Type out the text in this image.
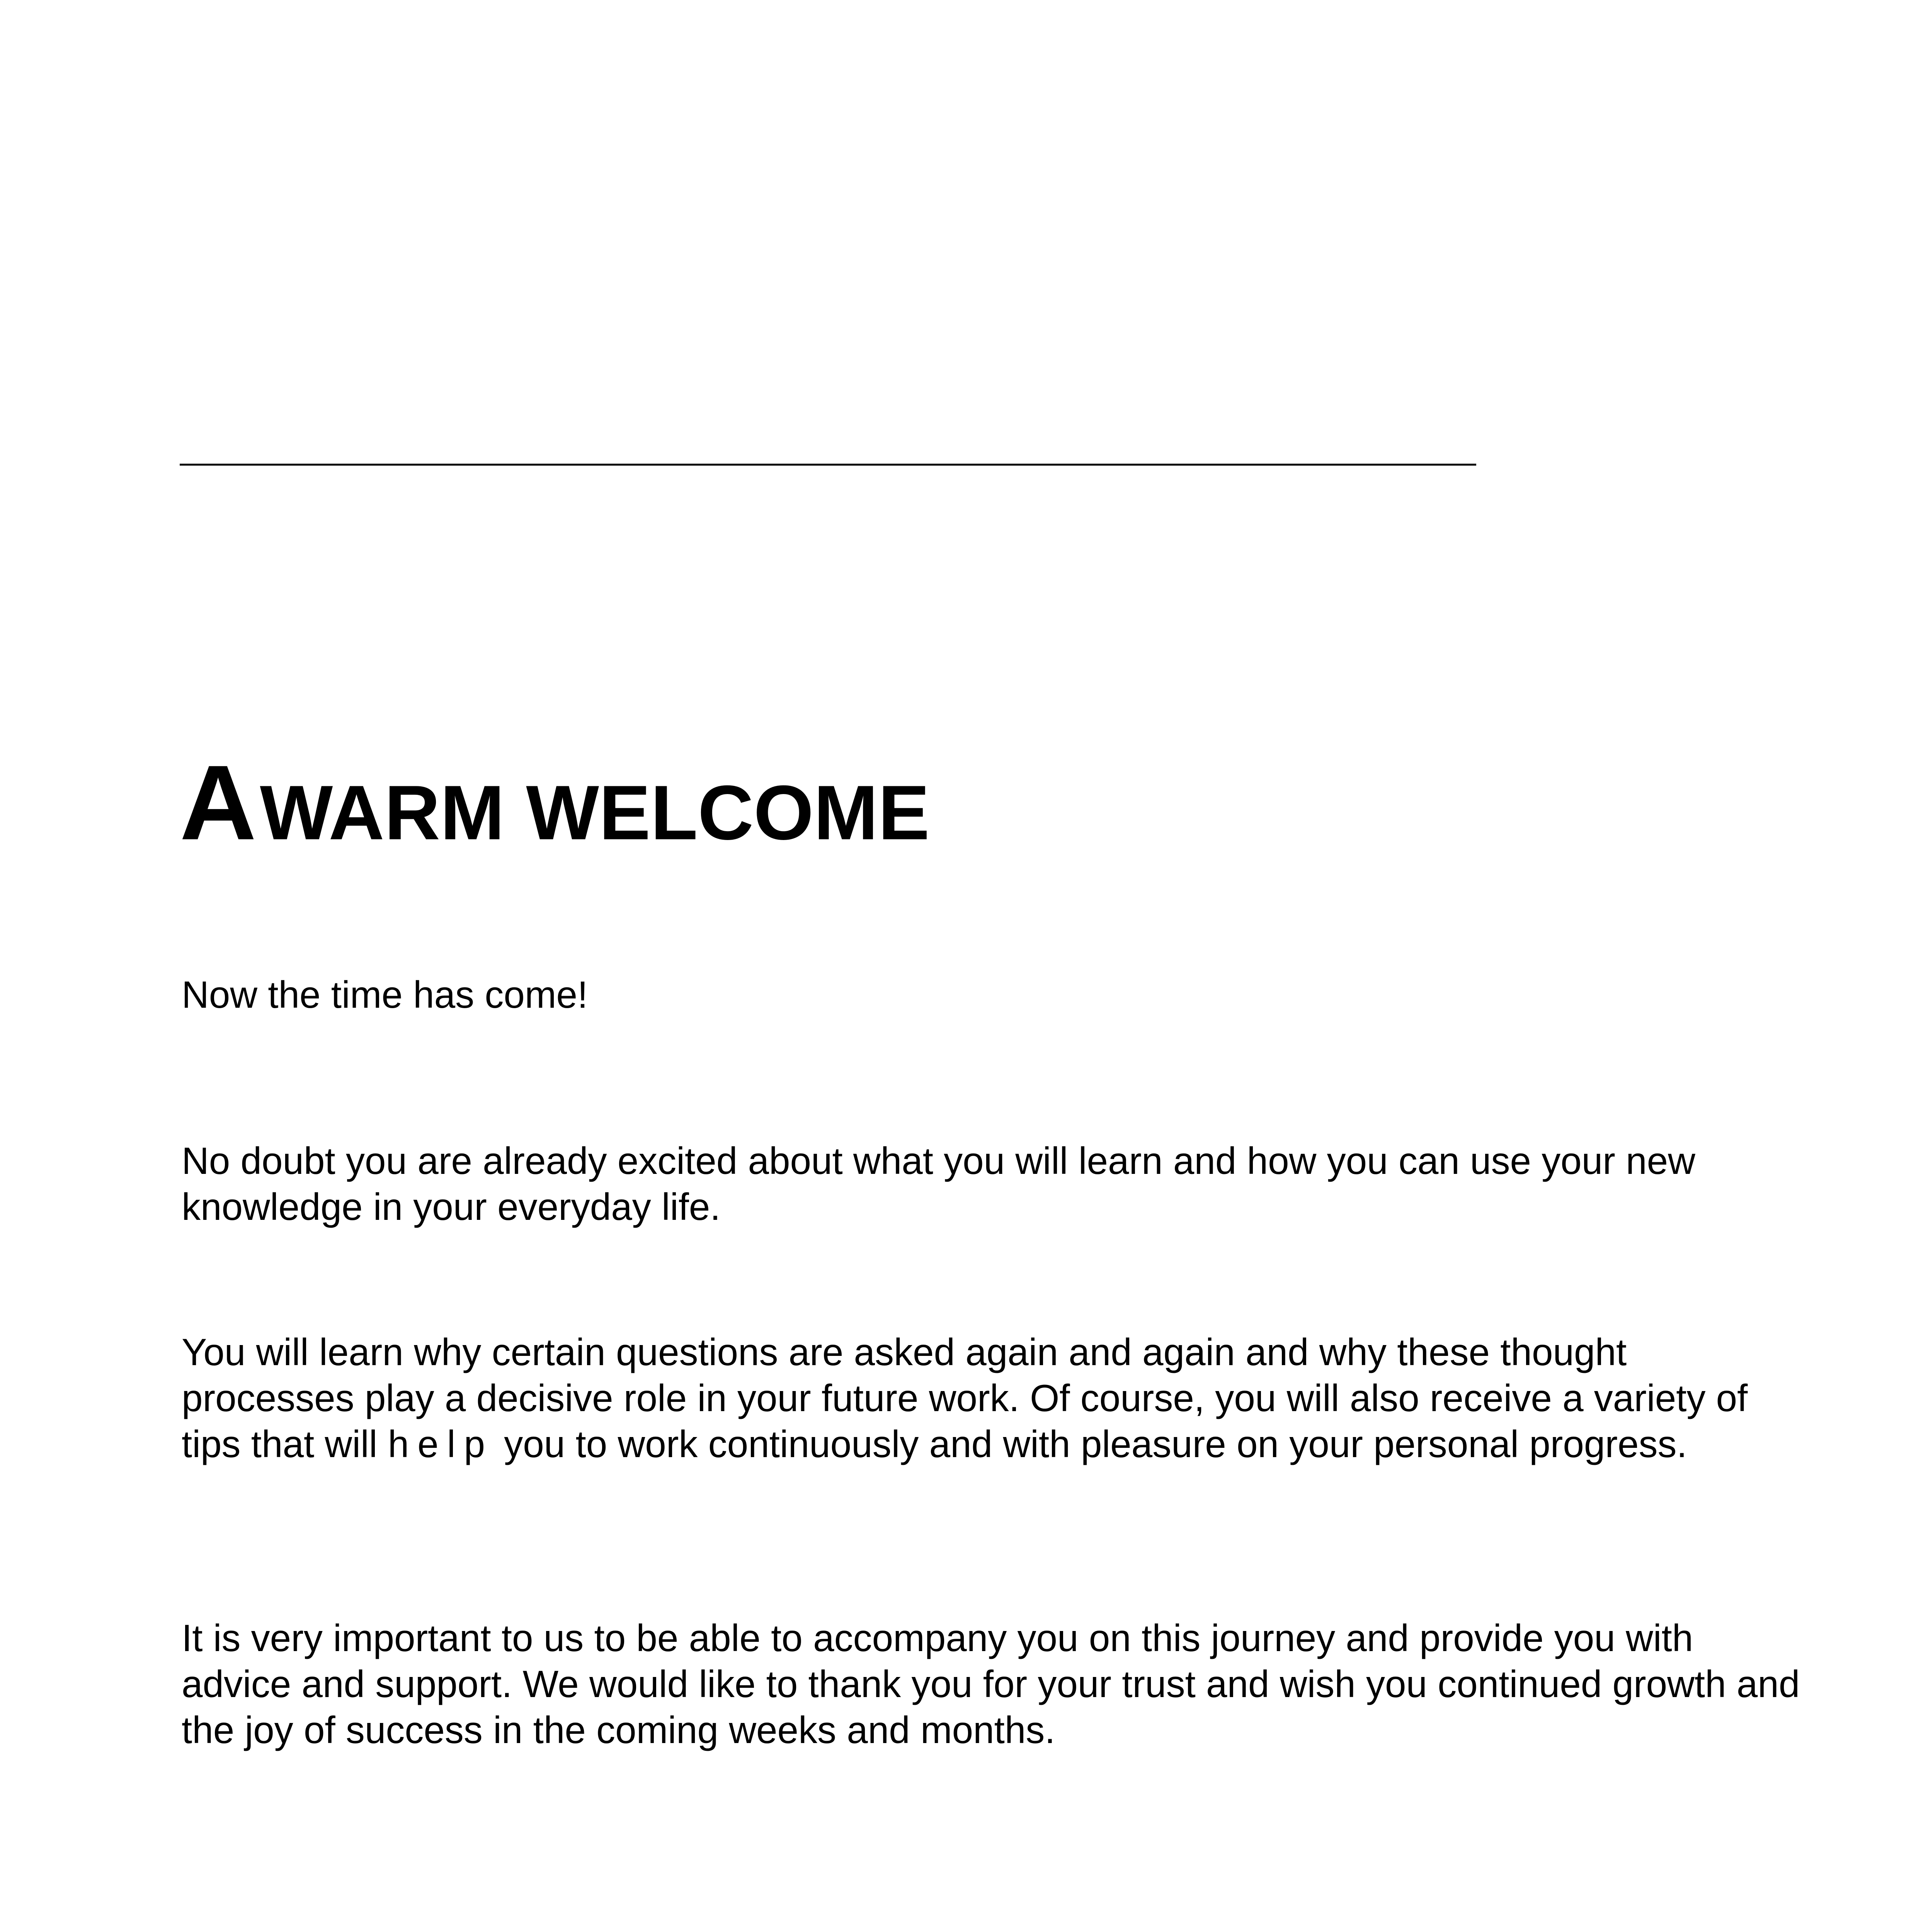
A WARM WELCOME

Now the time has come!

No doubt you are already excited about what you will learn and how you can use your new knowledge in your everyday life.

You will learn why certain questions are asked again and again and why these thought processes play a decisive role in your future work. Of course, you will also receive a variety of tips that will help you to work continuously and with pleasure on your personal progress.

It is very important to us to be able to accompany you on this journey and provide you with advice and support. We would like to thank you for your trust and wish you continued growth and the joy of success in the coming weeks and months.
